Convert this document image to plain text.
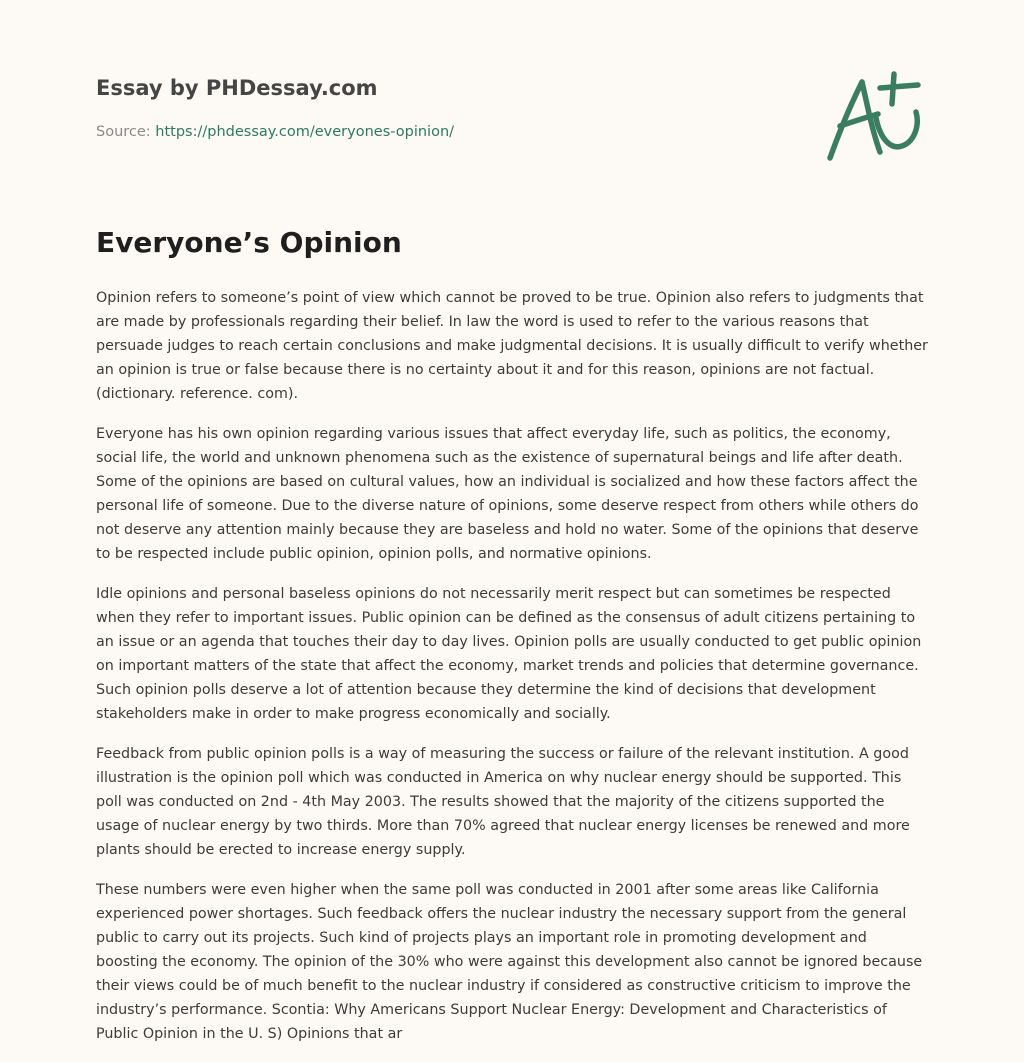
Essay by PHDessay.com
Source: https://phdessay.com/everyones-opinion/
Everyone’s Opinion

Opinion refers to someone’s point of view which cannot be proved to be true. Opinion also refers to judgments that are made by professionals regarding their belief. In law the word is used to refer to the various reasons that persuade judges to reach certain conclusions and make judgmental decisions. It is usually difficult to verify whether an opinion is true or false because there is no certainty about it and for this reason, opinions are not factual. (dictionary. reference. com).

Everyone has his own opinion regarding various issues that affect everyday life, such as politics, the economy, social life, the world and unknown phenomena such as the existence of supernatural beings and life after death. Some of the opinions are based on cultural values, how an individual is socialized and how these factors affect the personal life of someone. Due to the diverse nature of opinions, some deserve respect from others while others do not deserve any attention mainly because they are baseless and hold no water. Some of the opinions that deserve to be respected include public opinion, opinion polls, and normative opinions.

Idle opinions and personal baseless opinions do not necessarily merit respect but can sometimes be respected when they refer to important issues. Public opinion can be defined as the consensus of adult citizens pertaining to an issue or an agenda that touches their day to day lives. Opinion polls are usually conducted to get public opinion on important matters of the state that affect the economy, market trends and policies that determine governance. Such opinion polls deserve a lot of attention because they determine the kind of decisions that development stakeholders make in order to make progress economically and socially.

Feedback from public opinion polls is a way of measuring the success or failure of the relevant institution. A good illustration is the opinion poll which was conducted in America on why nuclear energy should be supported. This poll was conducted on 2nd - 4th May 2003. The results showed that the majority of the citizens supported the usage of nuclear energy by two thirds. More than 70% agreed that nuclear energy licenses be renewed and more plants should be erected to increase energy supply.

These numbers were even higher when the same poll was conducted in 2001 after some areas like California experienced power shortages. Such feedback offers the nuclear industry the necessary support from the general public to carry out its projects. Such kind of projects plays an important role in promoting development and boosting the economy. The opinion of the 30% who were against this development also cannot be ignored because their views could be of much benefit to the nuclear industry if considered as constructive criticism to improve the industry’s performance. Scontia: Why Americans Support Nuclear Energy: Development and Characteristics of Public Opinion in the U. S) Opinions that ar
